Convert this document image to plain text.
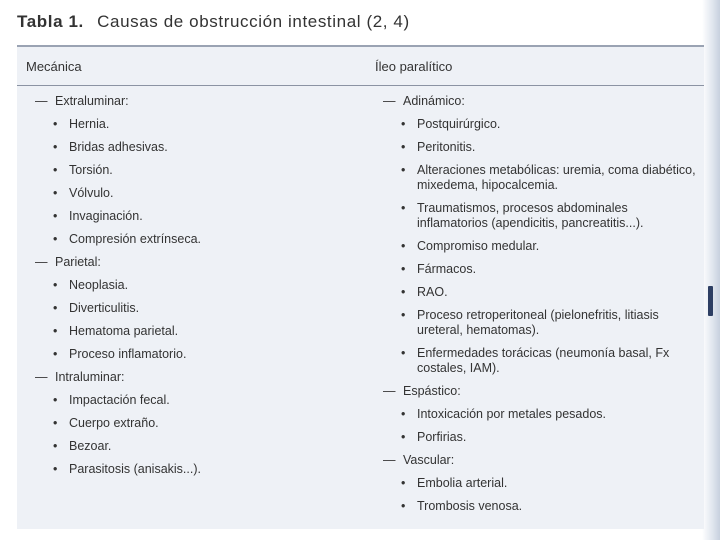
Tabla 1. Causas de obstrucción intestinal (2, 4)
Mecánica	Íleo paralítico
— Extraluminar:
• Hernia.
• Bridas adhesivas.
• Torsión.
• Vólvulo.
• Invaginación.
• Compresión extrínseca.
— Parietal:
• Neoplasia.
• Diverticulitis.
• Hematoma parietal.
• Proceso inflamatorio.
— Intraluminar:
• Impactación fecal.
• Cuerpo extraño.
• Bezoar.
• Parasitosis (anisakis...).
— Adinámico:
• Postquirúrgico.
• Peritonitis.
• Alteraciones metabólicas: uremia, coma diabético, mixedema, hipocalcemia.
• Traumatismos, procesos abdominales inflamatorios (apendicitis, pancreatitis...).
• Compromiso medular.
• Fármacos.
• RAO.
• Proceso retroperitoneal (pielonefritis, litiasis ureteral, hematomas).
• Enfermedades torácicas (neumonía basal, Fx costales, IAM).
— Espástico:
• Intoxicación por metales pesados.
• Porfirias.
— Vascular:
• Embolia arterial.
• Trombosis venosa.
